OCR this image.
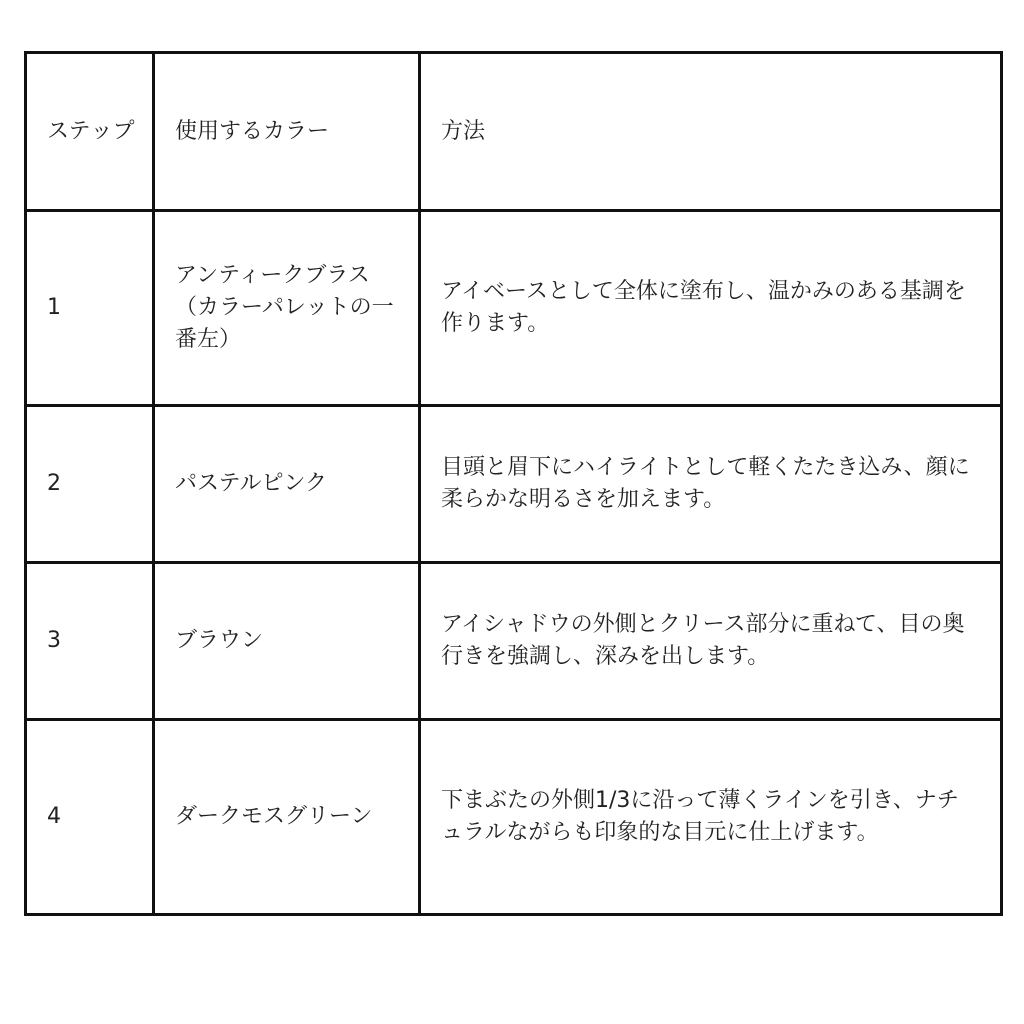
ステップ	使用するカラー	方法
1	アンティークブラス（カラーパレットの一番左）	アイベースとして全体に塗布し、温かみのある基調を作ります。
2	パステルピンク	目頭と眉下にハイライトとして軽くたたき込み、顔に柔らかな明るさを加えます。
3	ブラウン	アイシャドウの外側とクリース部分に重ねて、目の奥行きを強調し、深みを出します。
4	ダークモスグリーン	下まぶたの外側1/3に沿って薄くラインを引き、ナチュラルながらも印象的な目元に仕上げます。
